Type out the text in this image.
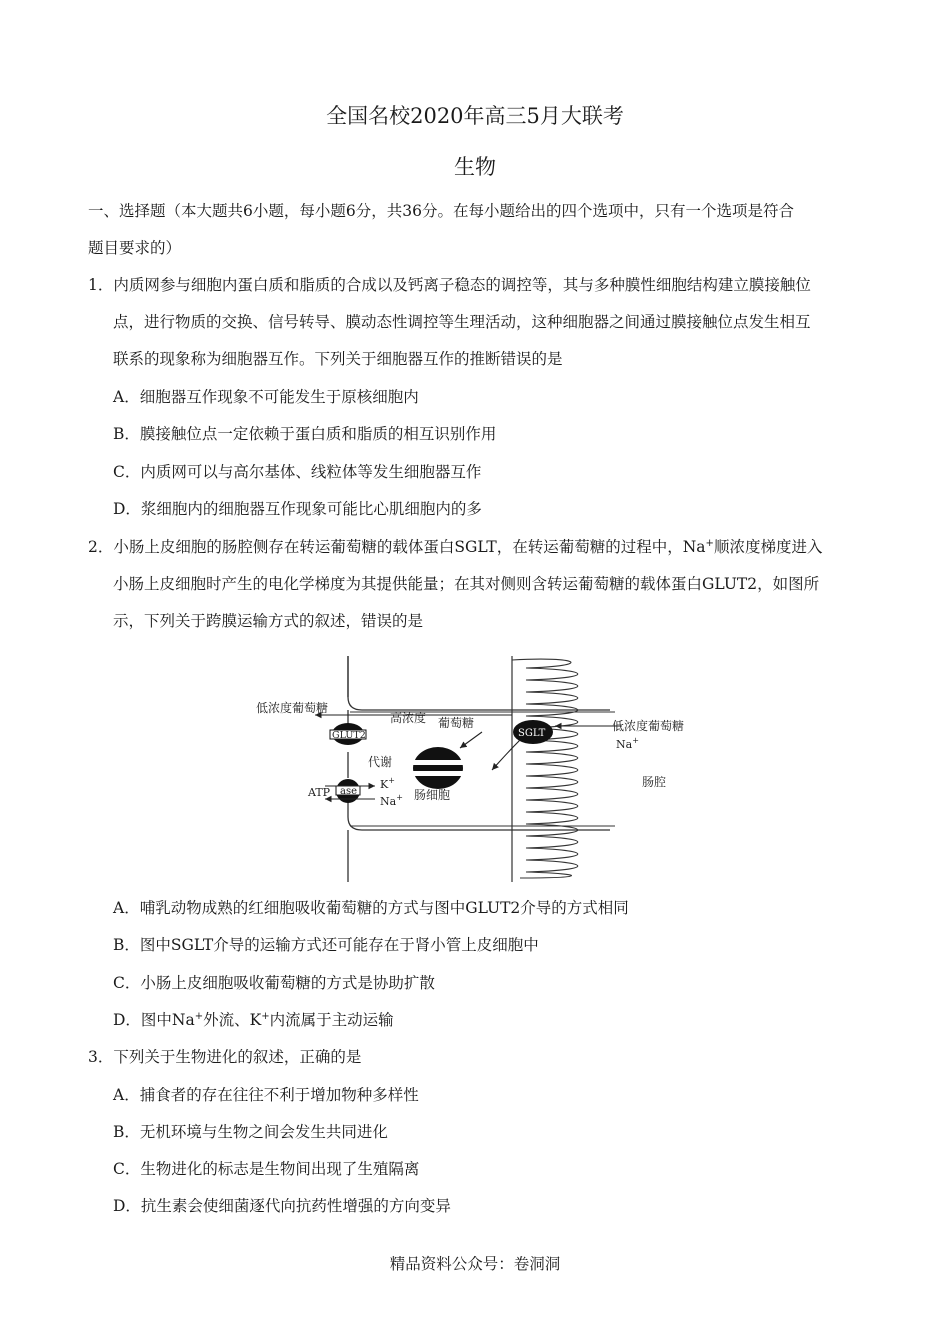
全国名校2020年高三5月大联考
生物
一、选择题（本大题共6小题，每小题6分，共36分。在每小题给出的四个选项中，只有一个选项是符合
题目要求的）
1．内质网参与细胞内蛋白质和脂质的合成以及钙离子稳态的调控等，其与多种膜性细胞结构建立膜接触位
点，进行物质的交换、信号转导、膜动态性调控等生理活动，这种细胞器之间通过膜接触位点发生相互
联系的现象称为细胞器互作。下列关于细胞器互作的推断错误的是
A．细胞器互作现象不可能发生于原核细胞内
B．膜接触位点一定依赖于蛋白质和脂质的相互识别作用
C．内质网可以与高尔基体、线粒体等发生细胞器互作
D．浆细胞内的细胞器互作现象可能比心肌细胞内的多
2．小肠上皮细胞的肠腔侧存在转运葡萄糖的载体蛋白SGLT，在转运葡萄糖的过程中，Na+顺浓度梯度进入
小肠上皮细胞时产生的电化学梯度为其提供能量；在其对侧则含转运葡萄糖的载体蛋白GLUT2，如图所
示，下列关于跨膜运输方式的叙述，错误的是
GLUT2
ase
SGLT
低浓度葡萄糖
高浓度 葡萄糖	低浓度葡萄糖
Na+
代谢
ATP
K+
Na+ 肠细胞
肠腔
A．哺乳动物成熟的红细胞吸收葡萄糖的方式与图中GLUT2介导的方式相同
B．图中SGLT介导的运输方式还可能存在于肾小管上皮细胞中
C．小肠上皮细胞吸收葡萄糖的方式是协助扩散
D．图中Na+外流、K+内流属于主动运输
3．下列关于生物进化的叙述，正确的是
A．捕食者的存在往往不利于增加物种多样性
B．无机环境与生物之间会发生共同进化
C．生物进化的标志是生物间出现了生殖隔离
D．抗生素会使细菌逐代向抗药性增强的方向变异
精品资料公众号：卷洞洞
